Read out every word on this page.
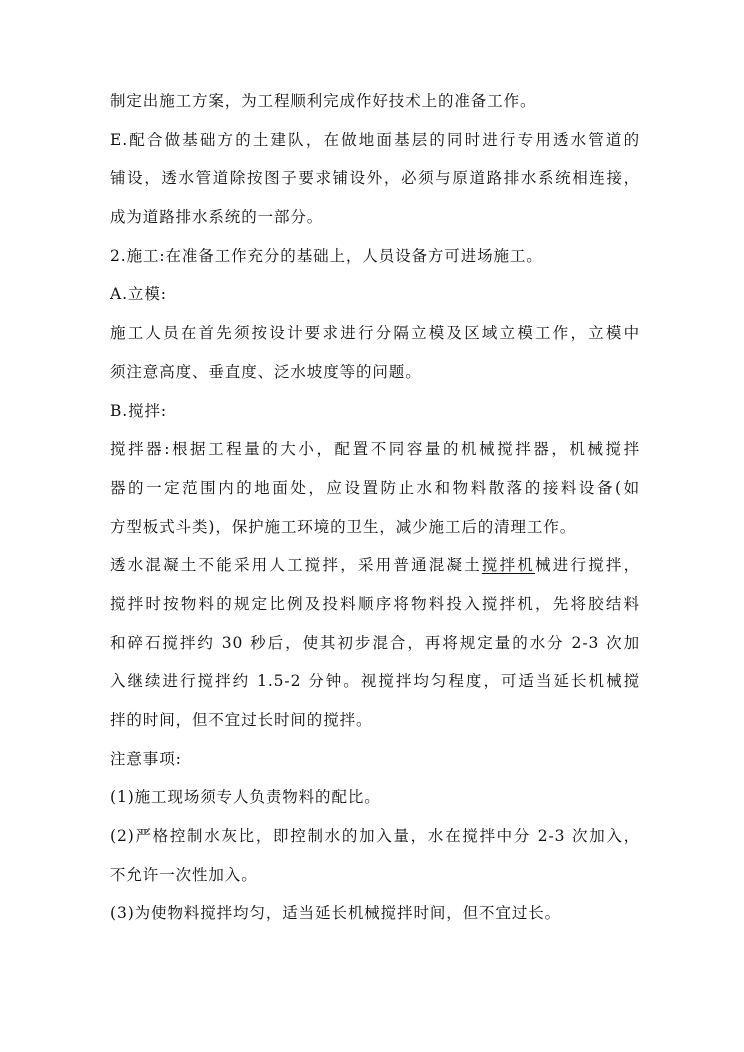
制定出施工方案，为工程顺利完成作好技术上的准备工作。
E.配合做基础方的土建队，在做地面基层的同时进行专用透水管道的
铺设，透水管道除按图子要求铺设外，必须与原道路排水系统相连接，
成为道路排水系统的一部分。
2.施工:在准备工作充分的基础上，人员设备方可进场施工。
A.立模:
施工人员在首先须按设计要求进行分隔立模及区域立模工作，立模中
须注意高度、垂直度、泛水坡度等的问题。
B.搅拌:
搅拌器:根据工程量的大小，配置不同容量的机械搅拌器，机械搅拌
器的一定范围内的地面处，应设置防止水和物料散落的接料设备(如
方型板式斗类)，保护施工环境的卫生，减少施工后的清理工作。
透水混凝土不能采用人工搅拌，采用普通混凝土搅拌机械进行搅拌，
搅拌时按物料的规定比例及投料顺序将物料投入搅拌机，先将胶结料
和碎石搅拌约 30 秒后，使其初步混合，再将规定量的水分 2-3 次加
入继续进行搅拌约 1.5-2 分钟。视搅拌均匀程度，可适当延长机械搅
拌的时间，但不宜过长时间的搅拌。
注意事项:
(1)施工现场须专人负责物料的配比。
(2)严格控制水灰比，即控制水的加入量，水在搅拌中分 2-3 次加入，
不允许一次性加入。
(3)为使物料搅拌均匀，适当延长机械搅拌时间，但不宜过长。
